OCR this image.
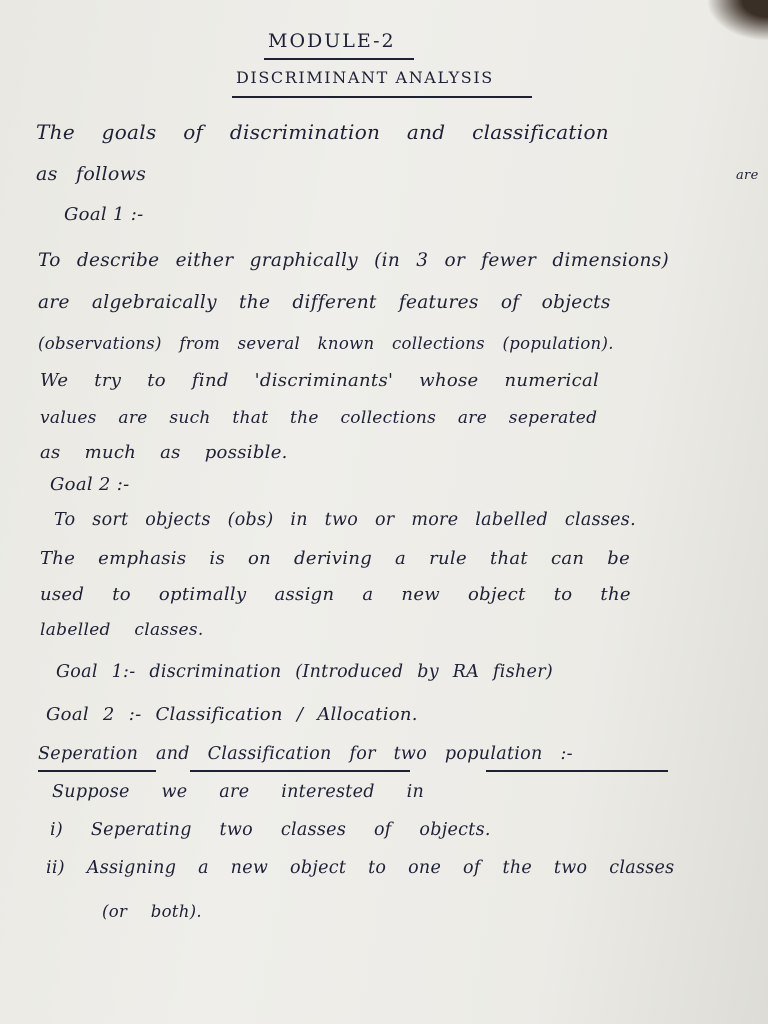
MODULE-2
DISCRIMINANT ANALYSIS
The goals of discrimination and classification
are
as follows
Goal 1 :-
To describe either graphically (in 3 or fewer dimensions)
are algebraically the different features of objects
(observations) from several known collections (population).
We try to find 'discriminants' whose numerical
values are such that the collections are seperated
as much as possible.
Goal 2 :-
To sort objects (obs) in two or more labelled classes.
The emphasis is on deriving a rule that can be
used to optimally assign a new object to the
labelled classes.
Goal 1:- discrimination (Introduced by RA fisher)
Goal 2 :- Classification / Allocation.
Seperation and Classification for two population :-
Suppose we are interested in
i) Seperating two classes of objects.
ii) Assigning a new object to one of the two classes
(or both).
